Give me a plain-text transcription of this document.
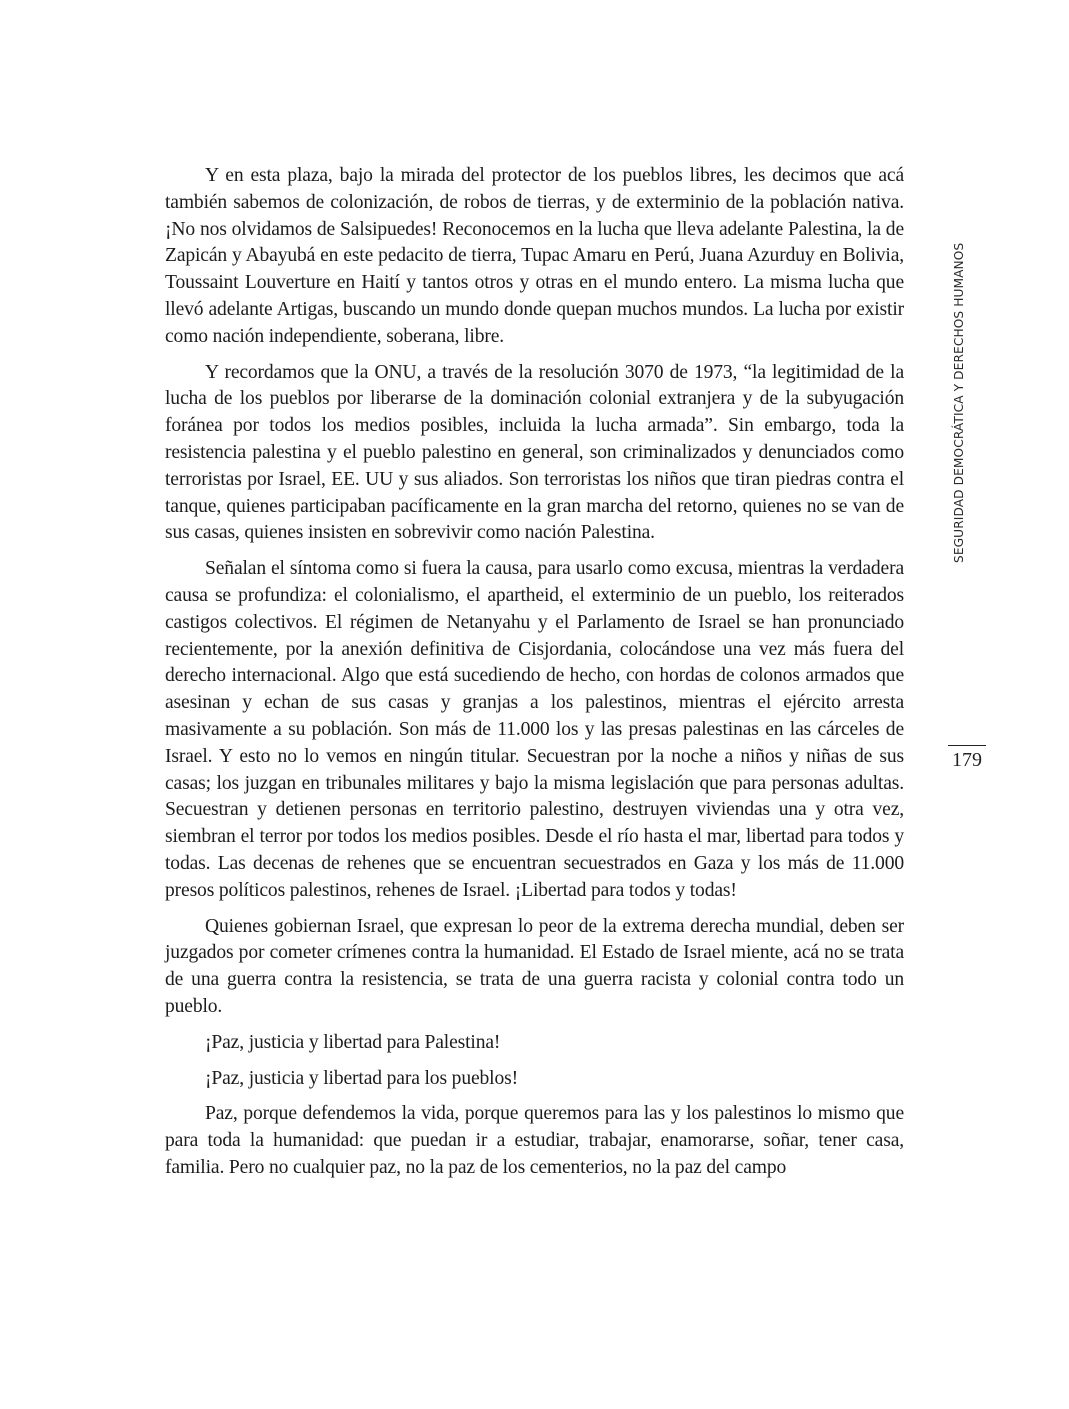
Y en esta plaza, bajo la mirada del protector de los pueblos libres, les decimos que acá también sabemos de colonización, de robos de tierras, y de exterminio de la población nativa. ¡No nos olvidamos de Salsipuedes! Reconocemos en la lucha que lleva adelante Palestina, la de Zapicán y Abayubá en este pedacito de tierra, Tupac Amaru en Perú, Juana Azurduy en Bolivia, Toussaint Louverture en Haití y tantos otros y otras en el mundo entero. La misma lucha que llevó adelante Artigas, buscando un mundo donde quepan muchos mundos. La lucha por existir como nación independiente, soberana, libre.

Y recordamos que la ONU, a través de la resolución 3070 de 1973, “la legitimidad de la lucha de los pueblos por liberarse de la dominación colonial extranjera y de la subyugación foránea por todos los medios posibles, incluida la lucha armada”. Sin embargo, toda la resistencia palestina y el pueblo palestino en general, son criminalizados y denunciados como terroristas por Israel, EE. UU y sus aliados. Son terroristas los niños que tiran piedras contra el tanque, quienes participaban pacíficamente en la gran marcha del retorno, quienes no se van de sus casas, quienes insisten en sobrevivir como nación Palestina.

Señalan el síntoma como si fuera la causa, para usarlo como excusa, mientras la verdadera causa se profundiza: el colonialismo, el apartheid, el exterminio de un pueblo, los reiterados castigos colectivos. El régimen de Netanyahu y el Parlamento de Israel se han pronunciado recientemente, por la anexión definitiva de Cisjordania, colocándose una vez más fuera del derecho internacional. Algo que está sucediendo de hecho, con hordas de colonos armados que asesinan y echan de sus casas y granjas a los palestinos, mientras el ejército arresta masivamente a su población. Son más de 11.000 los y las presas palestinas en las cárceles de Israel. Y esto no lo vemos en ningún titular. Secuestran por la noche a niños y niñas de sus casas; los juzgan en tribunales militares y bajo la misma legislación que para personas adultas. Secuestran y detienen personas en territorio palestino, destruyen viviendas una y otra vez, siembran el terror por todos los medios posibles. Desde el río hasta el mar, libertad para todos y todas. Las decenas de rehenes que se encuentran secuestrados en Gaza y los más de 11.000 presos políticos palestinos, rehenes de Israel. ¡Libertad para todos y todas!

Quienes gobiernan Israel, que expresan lo peor de la extrema derecha mundial, deben ser juzgados por cometer crímenes contra la humanidad. El Estado de Israel miente, acá no se trata de una guerra contra la resistencia, se trata de una guerra racista y colonial contra todo un pueblo.

¡Paz, justicia y libertad para Palestina!

¡Paz, justicia y libertad para los pueblos!

Paz, porque defendemos la vida, porque queremos para las y los palestinos lo mismo que para toda la humanidad: que puedan ir a estudiar, trabajar, enamorarse, soñar, tener casa, familia. Pero no cualquier paz, no la paz de los cementerios, no la paz del campo

SEGURIDAD DEMOCRÁTICA Y DERECHOS HUMANOS
179
